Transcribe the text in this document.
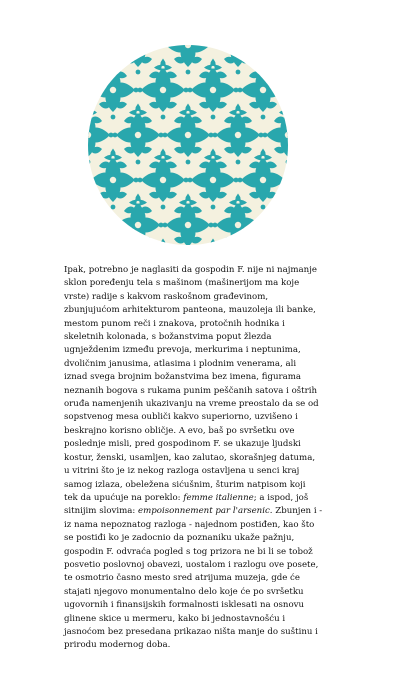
Ipak, potrebno je naglasiti da gospodin F. nije ni najmanje
sklon poređenju tela s mašinom (mašinerijom ma koje
vrste) radije s kakvom raskošnom građevinom,
zbunjujućom arhitekturom panteona, mauzoleja ili banke,
mestom punom reči i znakova, protočnih hodnika i
skeletnih kolonada, s božanstvima poput žlezda
ugnježdenim između prevoja, merkurima i neptunima,
dvoličnim janusima, atlasima i plodnim venerama, ali
iznad svega brojnim božanstvima bez imena, figurama
neznanih bogova s rukama punim peščanih satova i oštrih
oruđa namenjenih ukazivanju na vreme preostalo da se od
sopstvenog mesa oubliči kakvo superiorno, uzvišeno i
beskrajno korisno obličje. A evo, baš po svršetku ove
poslednje misli, pred gospodinom F. se ukazuje ljudski
kostur, ženski, usamljen, kao zalutao, skorašnjeg datuma,
u vitrini što je iz nekog razloga ostavljena u senci kraj
samog izlaza, obeležena sićušnim, šturim natpisom koji
tek da upućuje na poreklo: femme italienne; a ispod, još
sitnijim slovima: empoisonnement par l'arsenic. Zbunjen i -
iz nama nepoznatog razloga - najednom postiđen, kao što
se postiđi ko je zadocnio da poznaniku ukaže pažnju,
gospodin F. odvraća pogled s tog prizora ne bi li se tobož
posvetio poslovnoj obavezi, uostalom i razlogu ove posete,
te osmotrio časno mesto sred atrijuma muzeja, gde će
stajati njegovo monumentalno delo koje će po svršetku
ugovornih i finansijskih formalnosti isklesati na osnovu
glinene skice u mermeru, kako bi jednostavnošću i
jasnoćom bez presedana prikazao ništa manje do suštinu i
prirodu modernog doba.
